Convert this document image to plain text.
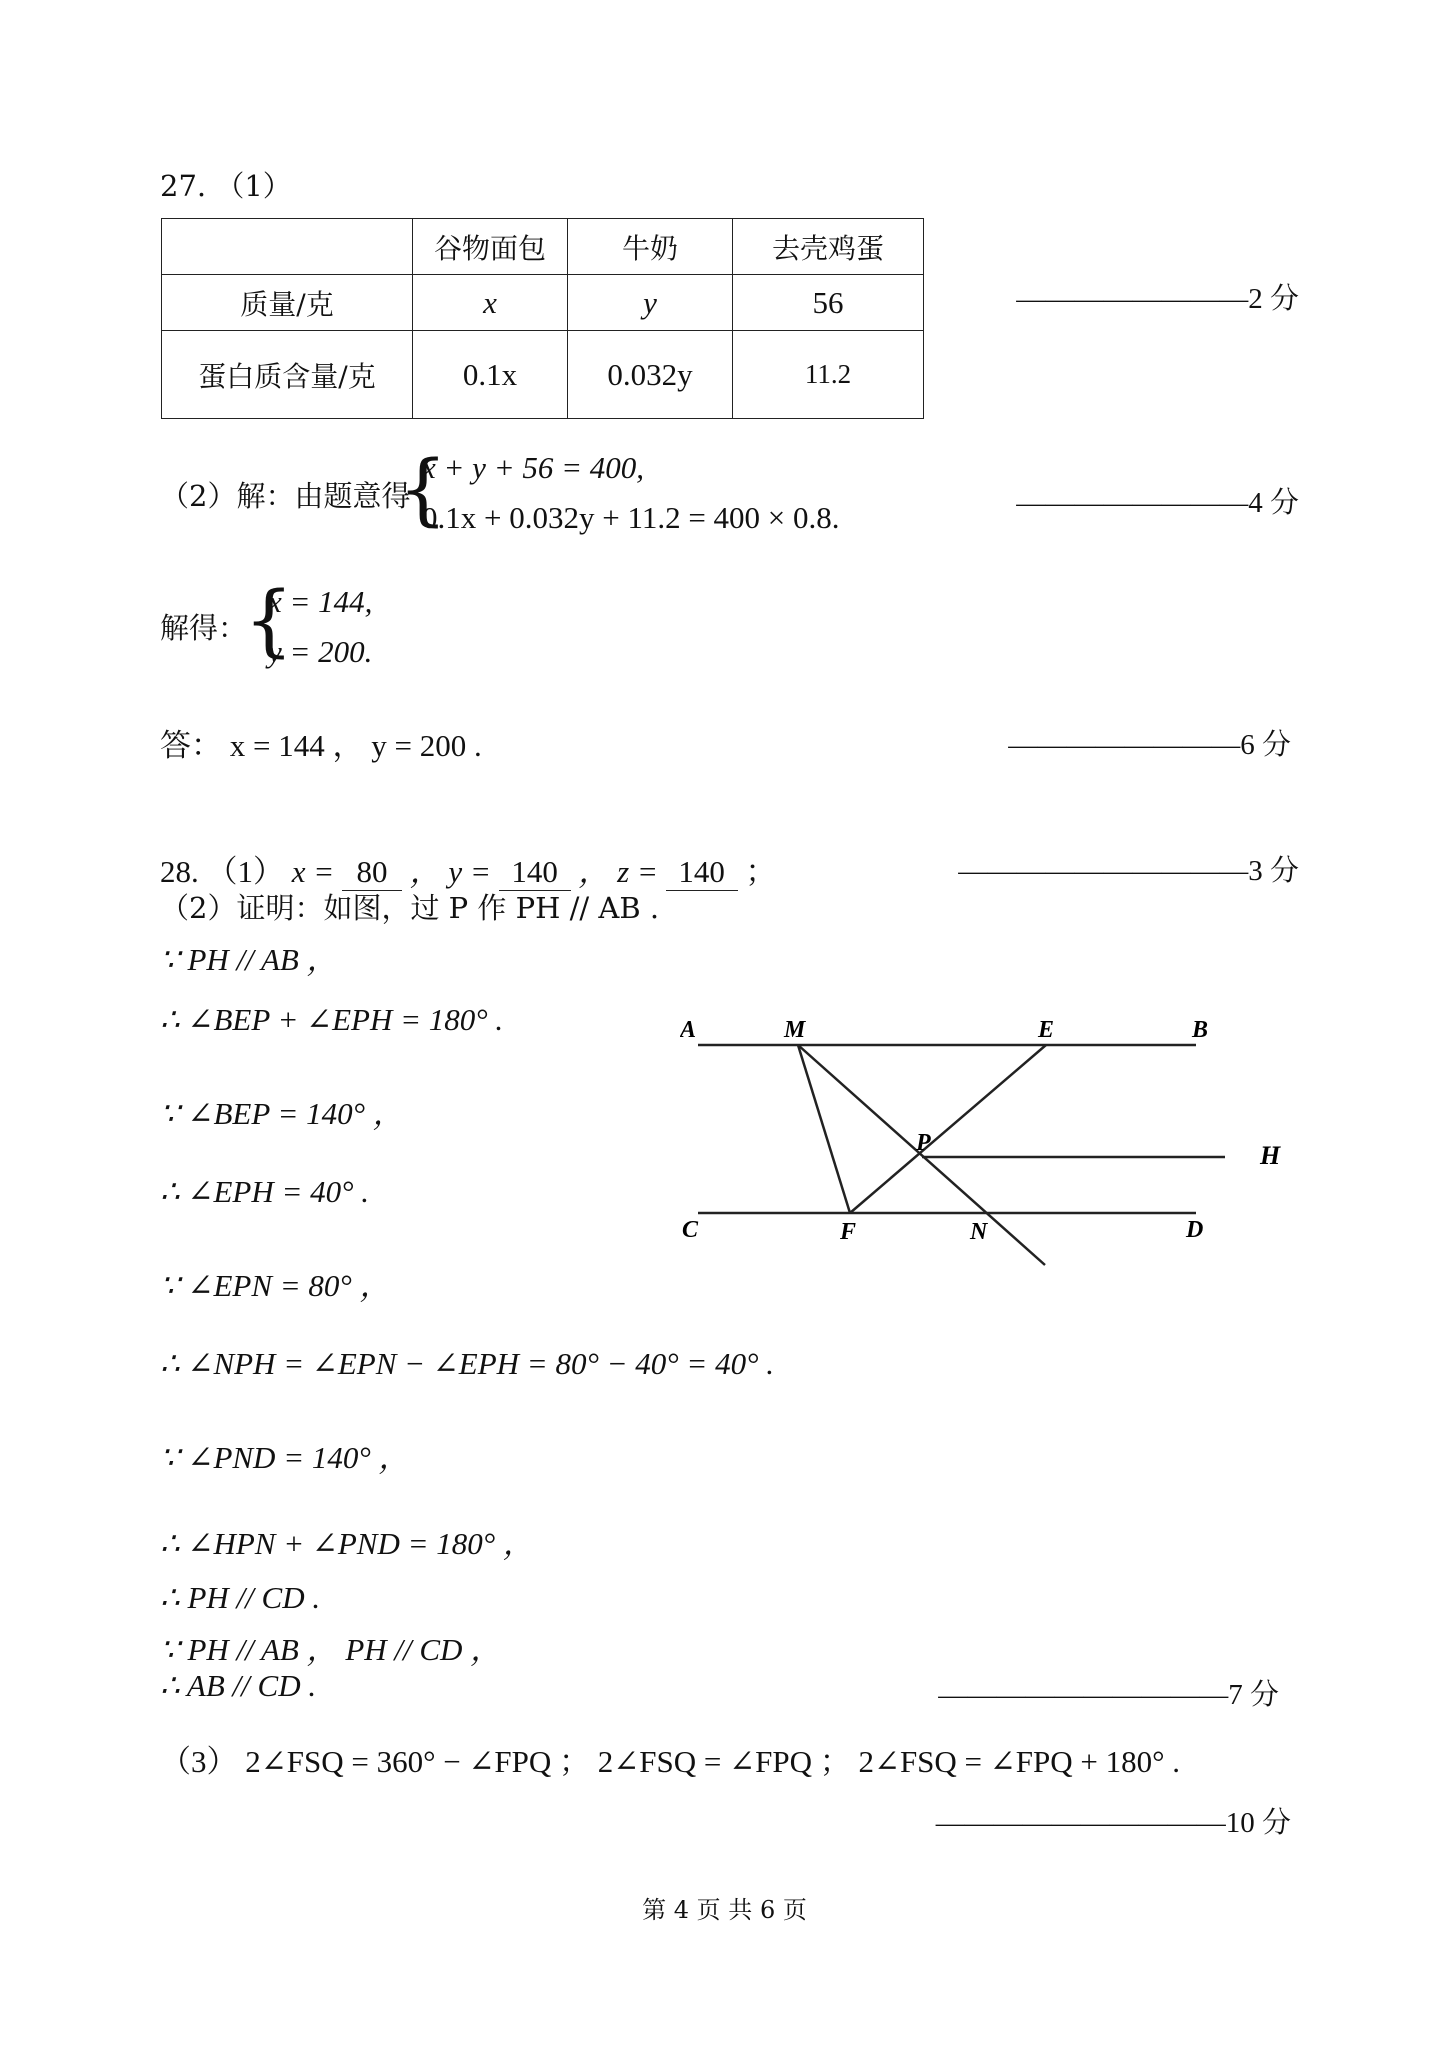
27. （1）
	谷物面包	牛奶	去壳鸡蛋
质量/克	x	y	56
蛋白质含量/克	0.1x	0.032y	11.2
————————2 分
（2）解：由题意得
{
x + y + 56 = 400,
0.1x + 0.032y + 11.2 = 400 × 0.8.	————————4 分
解得：
{
x = 144,
y = 200.
答： x = 144 ， y = 200 .	————————6 分
28. （1） x = 80 ， y = 140 ， z = 140 ；	——————————3 分
（2）证明：如图，过 P 作 PH // AB .
∵ PH // AB ，
∴ ∠BEP + ∠EPH = 180° .
∵ ∠BEP = 140° ，
∴ ∠EPH = 40° .
∵ ∠EPN = 80° ，
∴ ∠NPH = ∠EPN − ∠EPH = 80° − 40° = 40° .
∵ ∠PND = 140° ，
∴ ∠HPN + ∠PND = 180° ，
∴ PH // CD .
∵ PH // AB ， PH // CD ，
∴ AB // CD .	——————————7 分
（3） 2∠FSQ = 360° − ∠FPQ ； 2∠FSQ = ∠FPQ ； 2∠FSQ = ∠FPQ + 180° .
——————————10 分
A	M	E	B
P	H
C	F	N	D
第 4 页 共 6 页
